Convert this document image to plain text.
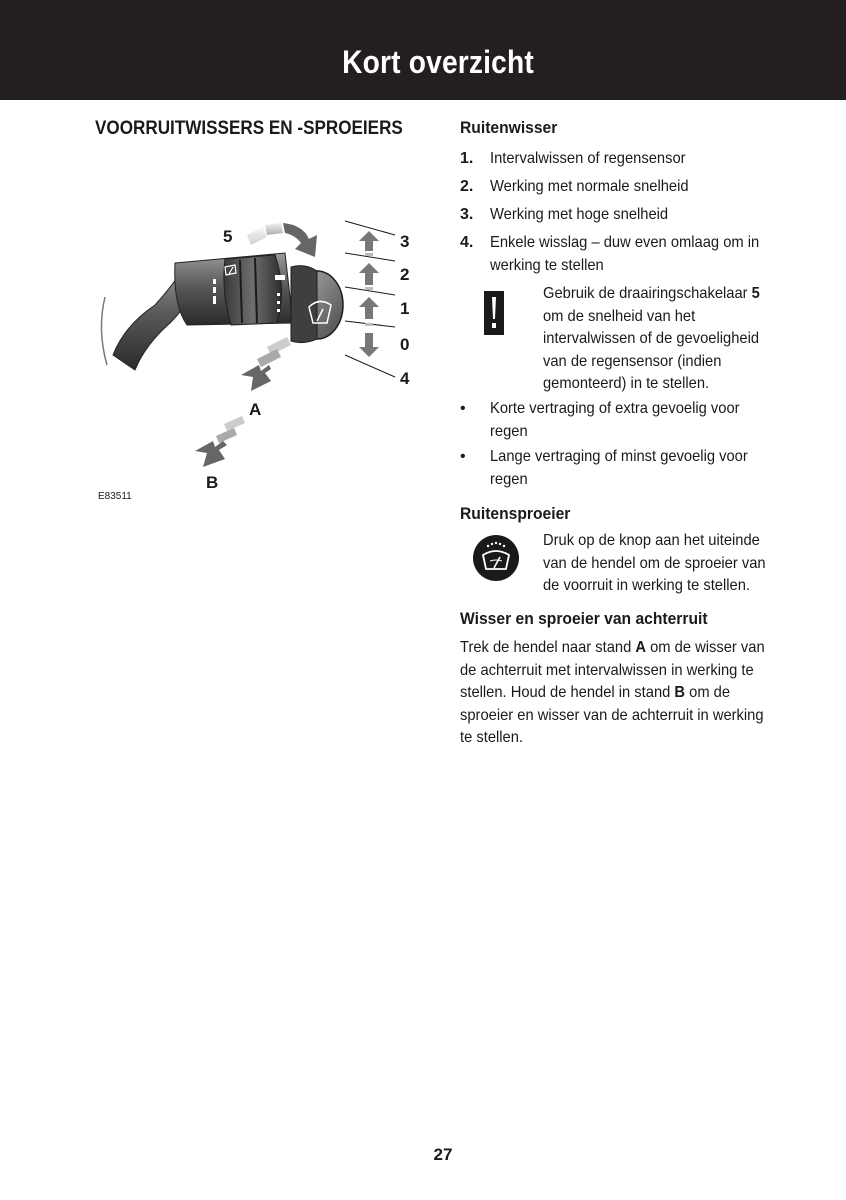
Kort overzicht
VOORRUITWISSERS EN -SPROEIERS
5	3
2
1
0
4
A
B
E83511
Ruitenwisser
1. Intervalwissen of regensensor
2. Werking met normale snelheid
3. Werking met hoge snelheid
4. Enkele wisslag – duw even omlaag om in
werking te stellen
Gebruik de draairingschakelaar 5
om de snelheid van het
intervalwissen of de gevoeligheid
van de regensensor (indien
gemonteerd) in te stellen.
• Korte vertraging of extra gevoelig voor
regen
• Lange vertraging of minst gevoelig voor
regen
Ruitensproeier
Druk op de knop aan het uiteinde
van de hendel om de sproeier van
de voorruit in werking te stellen.
Wisser en sproeier van achterruit
Trek de hendel naar stand A om de wisser van
de achterruit met intervalwissen in werking te
stellen. Houd de hendel in stand B om de
sproeier en wisser van de achterruit in werking
te stellen.
27
